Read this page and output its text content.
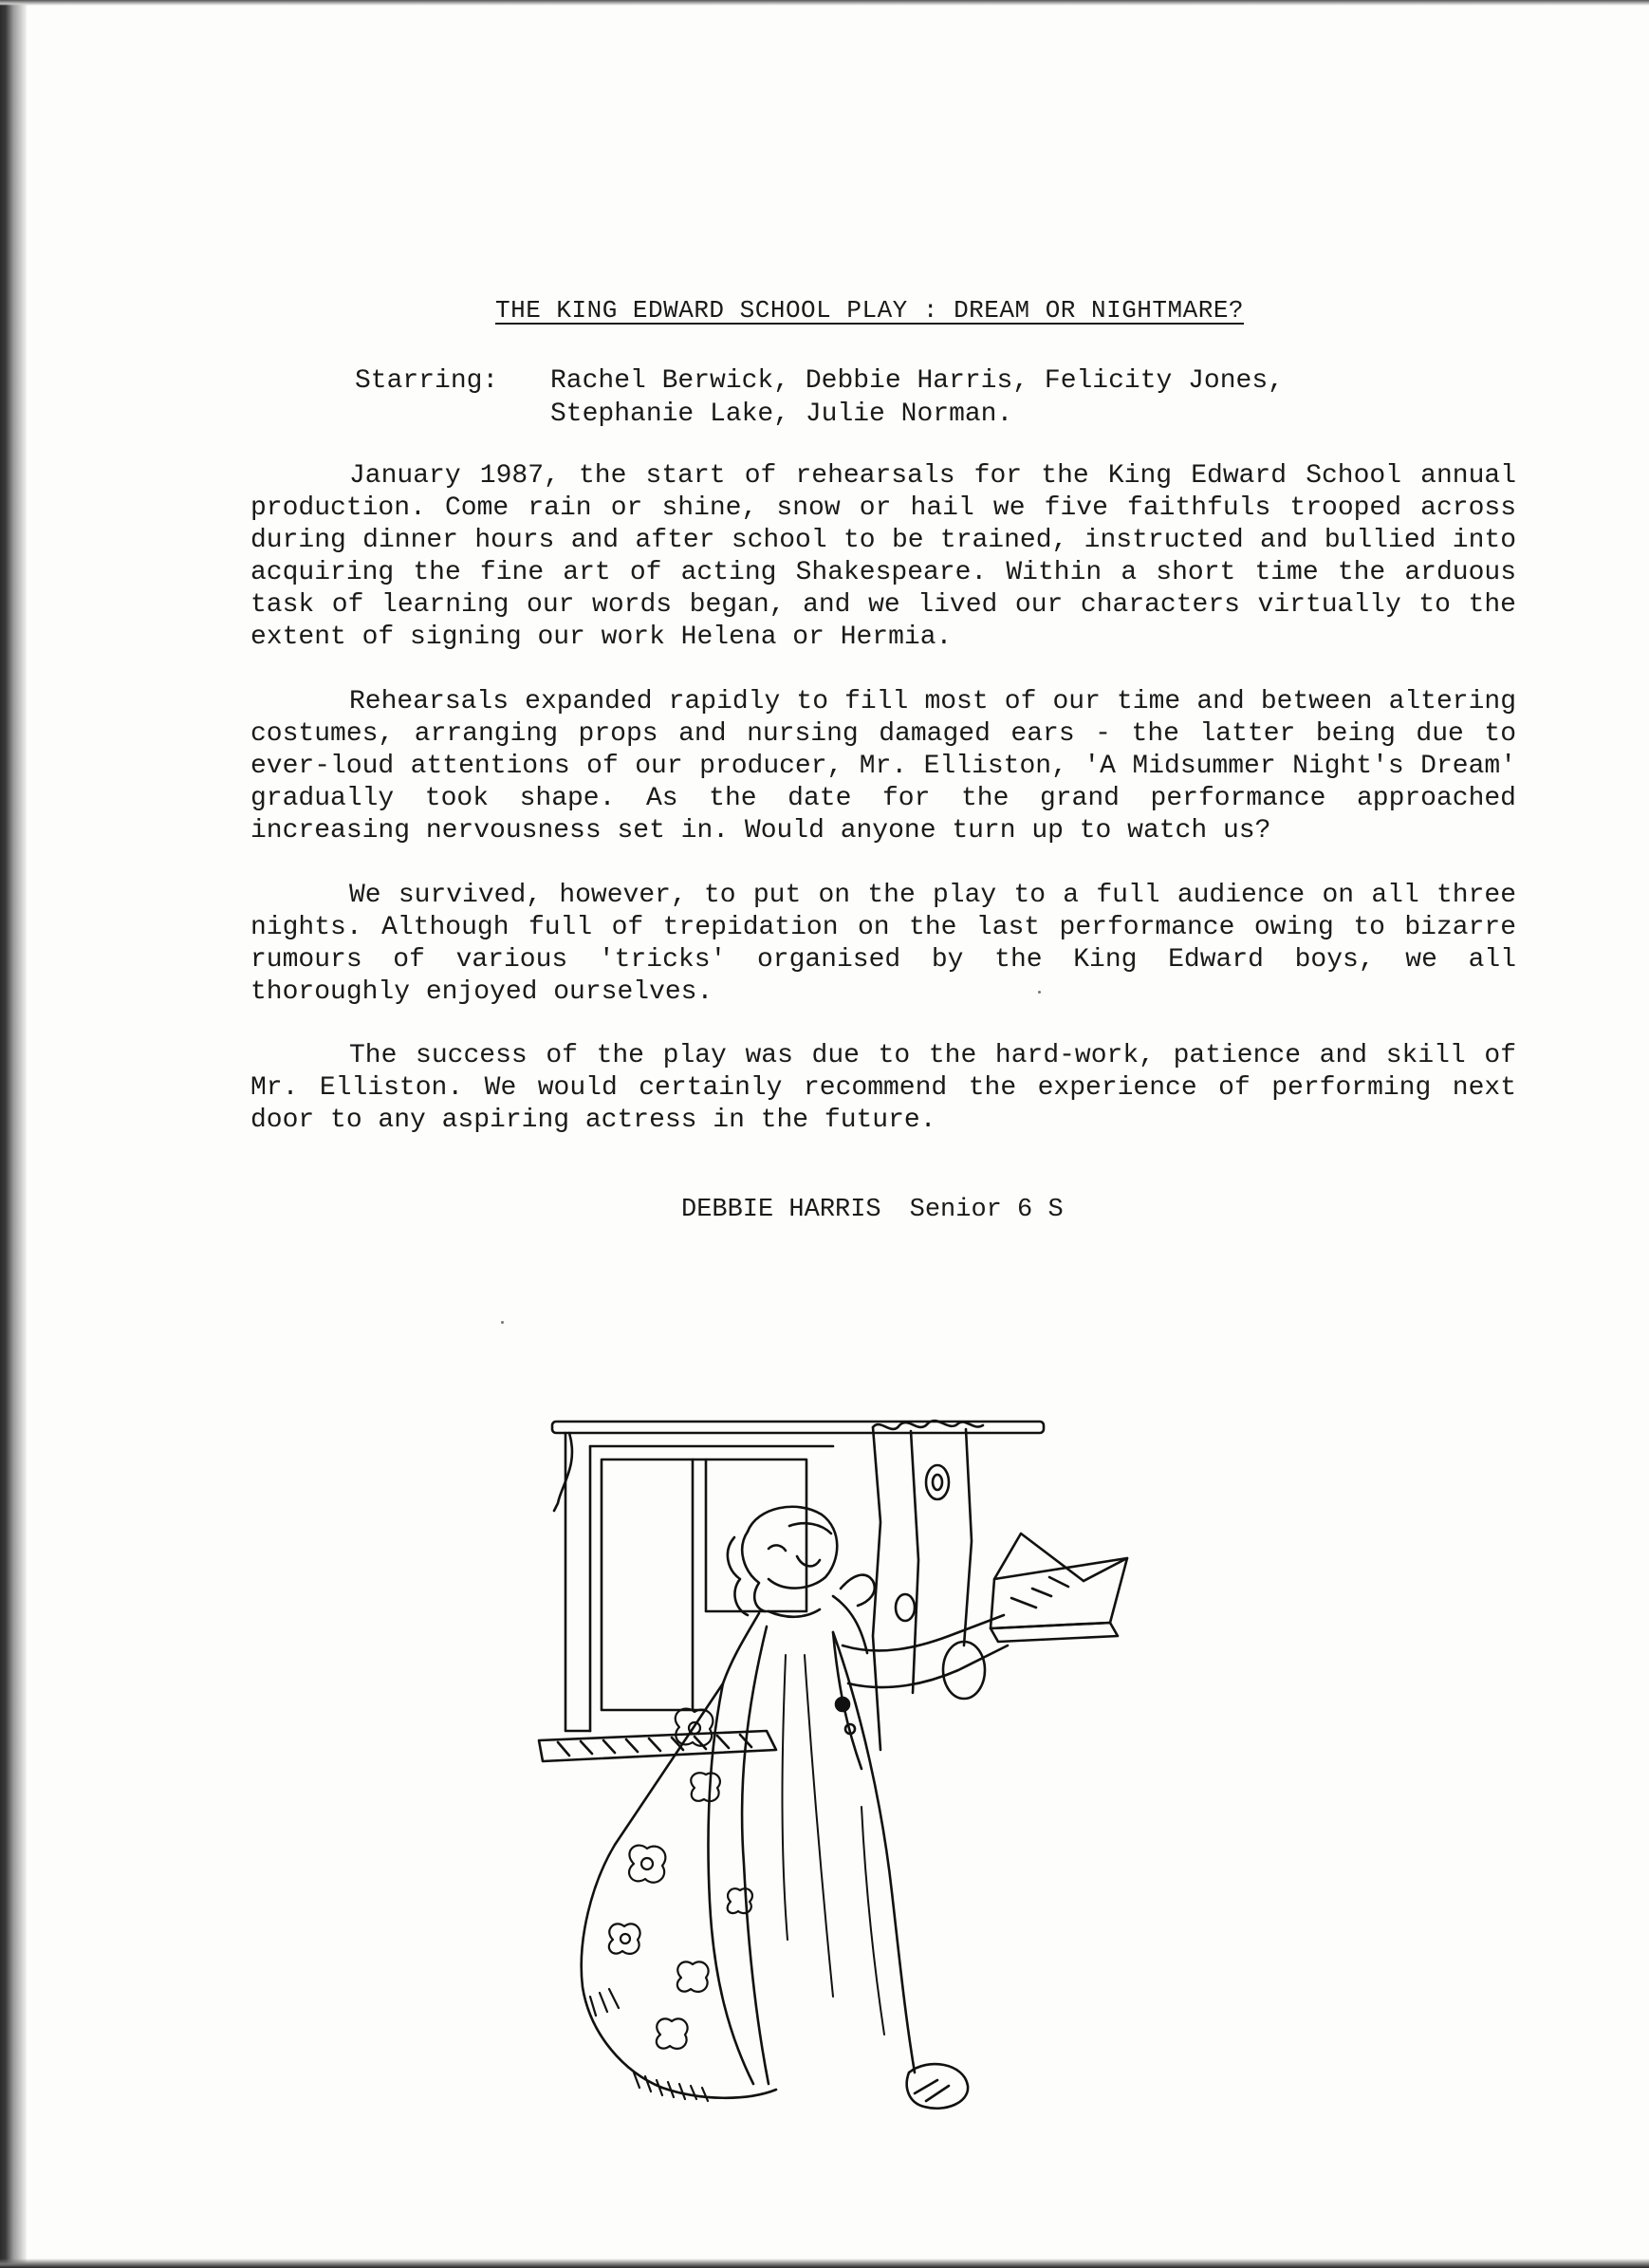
THE KING EDWARD SCHOOL PLAY : DREAM OR NIGHTMARE?
Starring: Rachel Berwick, Debbie Harris, Felicity Jones,
Stephanie Lake, Julie Norman.

January 1987, the start of rehearsals for the King Edward School annual production. Come rain or shine, snow or hail we five faithfuls trooped across during dinner hours and after school to be trained, instructed and bullied into acquiring the fine art of acting Shakespeare. Within a short time the arduous task of learning our words began, and we lived our characters virtually to the extent of signing our work Helena or Hermia.

Rehearsals expanded rapidly to fill most of our time and between altering costumes, arranging props and nursing damaged ears - the latter being due to ever-loud attentions of our producer, Mr. Elliston, 'A Midsummer Night's Dream' gradually took shape. As the date for the grand performance approached increasing nervousness set in. Would anyone turn up to watch us?

We survived, however, to put on the play to a full audience on all three nights. Although full of trepidation on the last performance owing to bizarre rumours of various 'tricks' organised by the King Edward boys, we all thoroughly enjoyed ourselves.

The success of the play was due to the hard-work, patience and skill of Mr. Elliston. We would certainly recommend the experience of performing next door to any aspiring actress in the future.

DEBBIE HARRIS Senior 6 S
